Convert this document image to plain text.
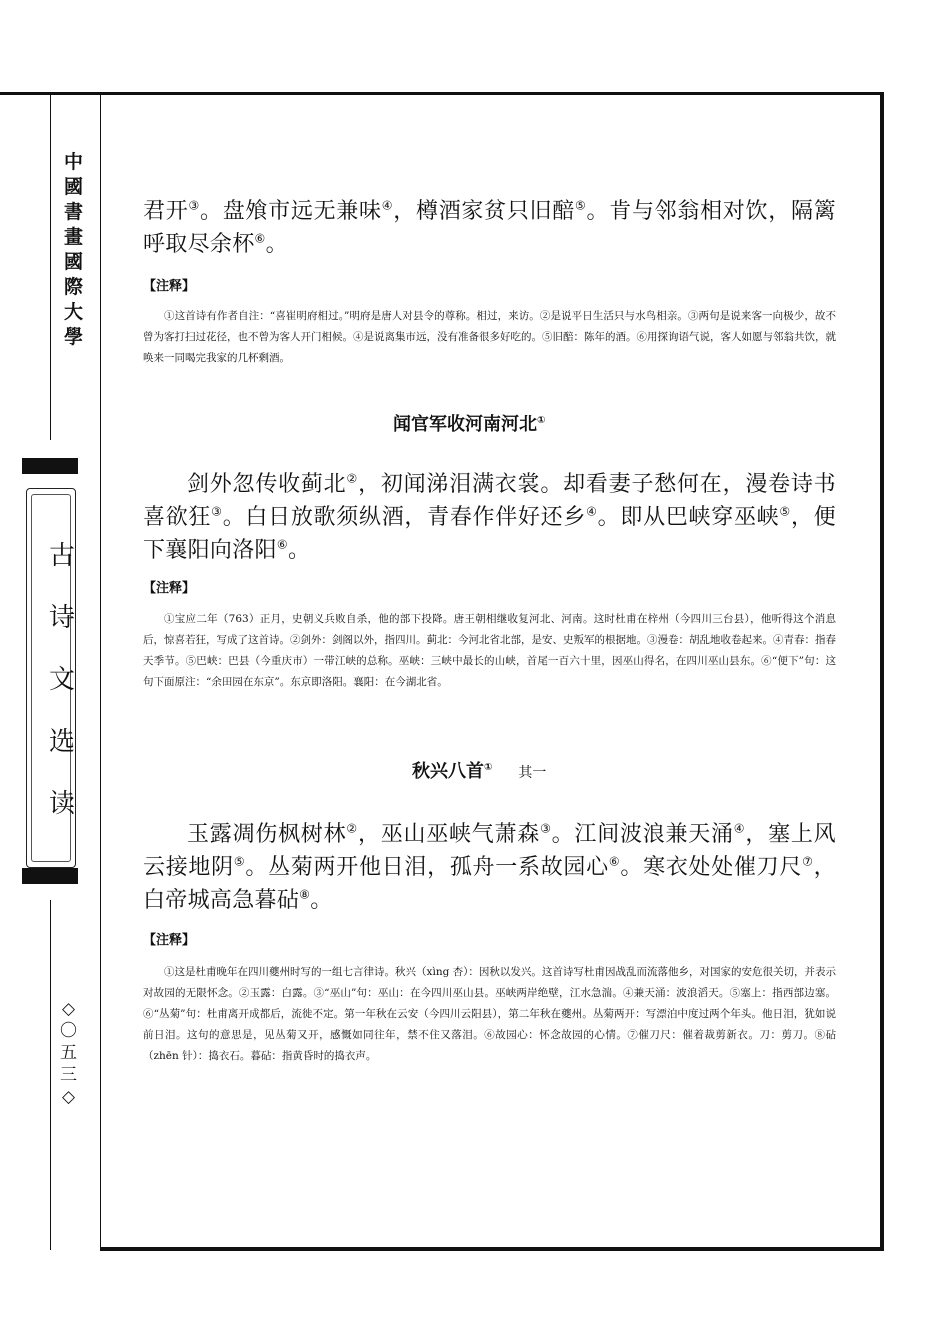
中
國
書
畫
國
際
大
學
古
诗
文
选
读
◇
〇
五
三
◇
君开③。盘飧市远无兼味④，樽酒家贫只旧醅⑤。肯与邻翁相对饮，隔篱呼取尽余杯⑥。
【注释】
①这首诗有作者自注：“喜崔明府相过。”明府是唐人对县令的尊称。相过，来访。②是说平日生活只与水鸟相亲。③两句是说来客一向极少，故不曾为客打扫过花径，也不曾为客人开门相候。④是说离集市远，没有准备很多好吃的。⑤旧醅：陈年的酒。⑥用探询语气说，客人如愿与邻翁共饮，就唤来一同喝完我家的几杯剩酒。
闻官军收河南河北①
剑外忽传收蓟北②，初闻涕泪满衣裳。却看妻子愁何在，漫卷诗书喜欲狂③。白日放歌须纵酒，青春作伴好还乡④。即从巴峡穿巫峡⑤，便下襄阳向洛阳⑥。
【注释】
①宝应二年（763）正月，史朝义兵败自杀，他的部下投降。唐王朝相继收复河北、河南。这时杜甫在梓州（今四川三台县），他听得这个消息后，惊喜若狂，写成了这首诗。②剑外：剑阁以外，指四川。蓟北：今河北省北部，是安、史叛军的根据地。③漫卷：胡乱地收卷起来。④青春：指春天季节。⑤巴峡：巴县（今重庆市）一带江峡的总称。巫峡：三峡中最长的山峡，首尾一百六十里，因巫山得名，在四川巫山县东。⑥“便下”句：这句下面原注：“余田园在东京”。东京即洛阳。襄阳：在今湖北省。
秋兴八首① 其一
玉露凋伤枫树林②，巫山巫峡气萧森③。江间波浪兼天涌④，塞上风云接地阴⑤。丛菊两开他日泪，孤舟一系故园心⑥。寒衣处处催刀尺⑦，白帝城高急暮砧⑧。
【注释】
①这是杜甫晚年在四川夔州时写的一组七言律诗。秋兴（xìng 杏）：因秋以发兴。这首诗写杜甫因战乱而流落他乡，对国家的安危很关切，并表示对故园的无限怀念。②玉露：白露。③“巫山”句：巫山：在今四川巫山县。巫峡两岸绝壁，江水急湍。④兼天涌：波浪滔天。⑤塞上：指西部边塞。⑥“丛菊”句：杜甫离开成都后，流徙不定。第一年秋在云安（今四川云阳县），第二年秋在夔州。丛菊两开：写漂泊中度过两个年头。他日泪，犹如说前日泪。这句的意思是，见丛菊又开，感慨如同往年，禁不住又落泪。⑥故园心：怀念故园的心情。⑦催刀尺：催着裁剪新衣。刀：剪刀。⑧砧（zhēn 针）：捣衣石。暮砧：指黄昏时的捣衣声。
